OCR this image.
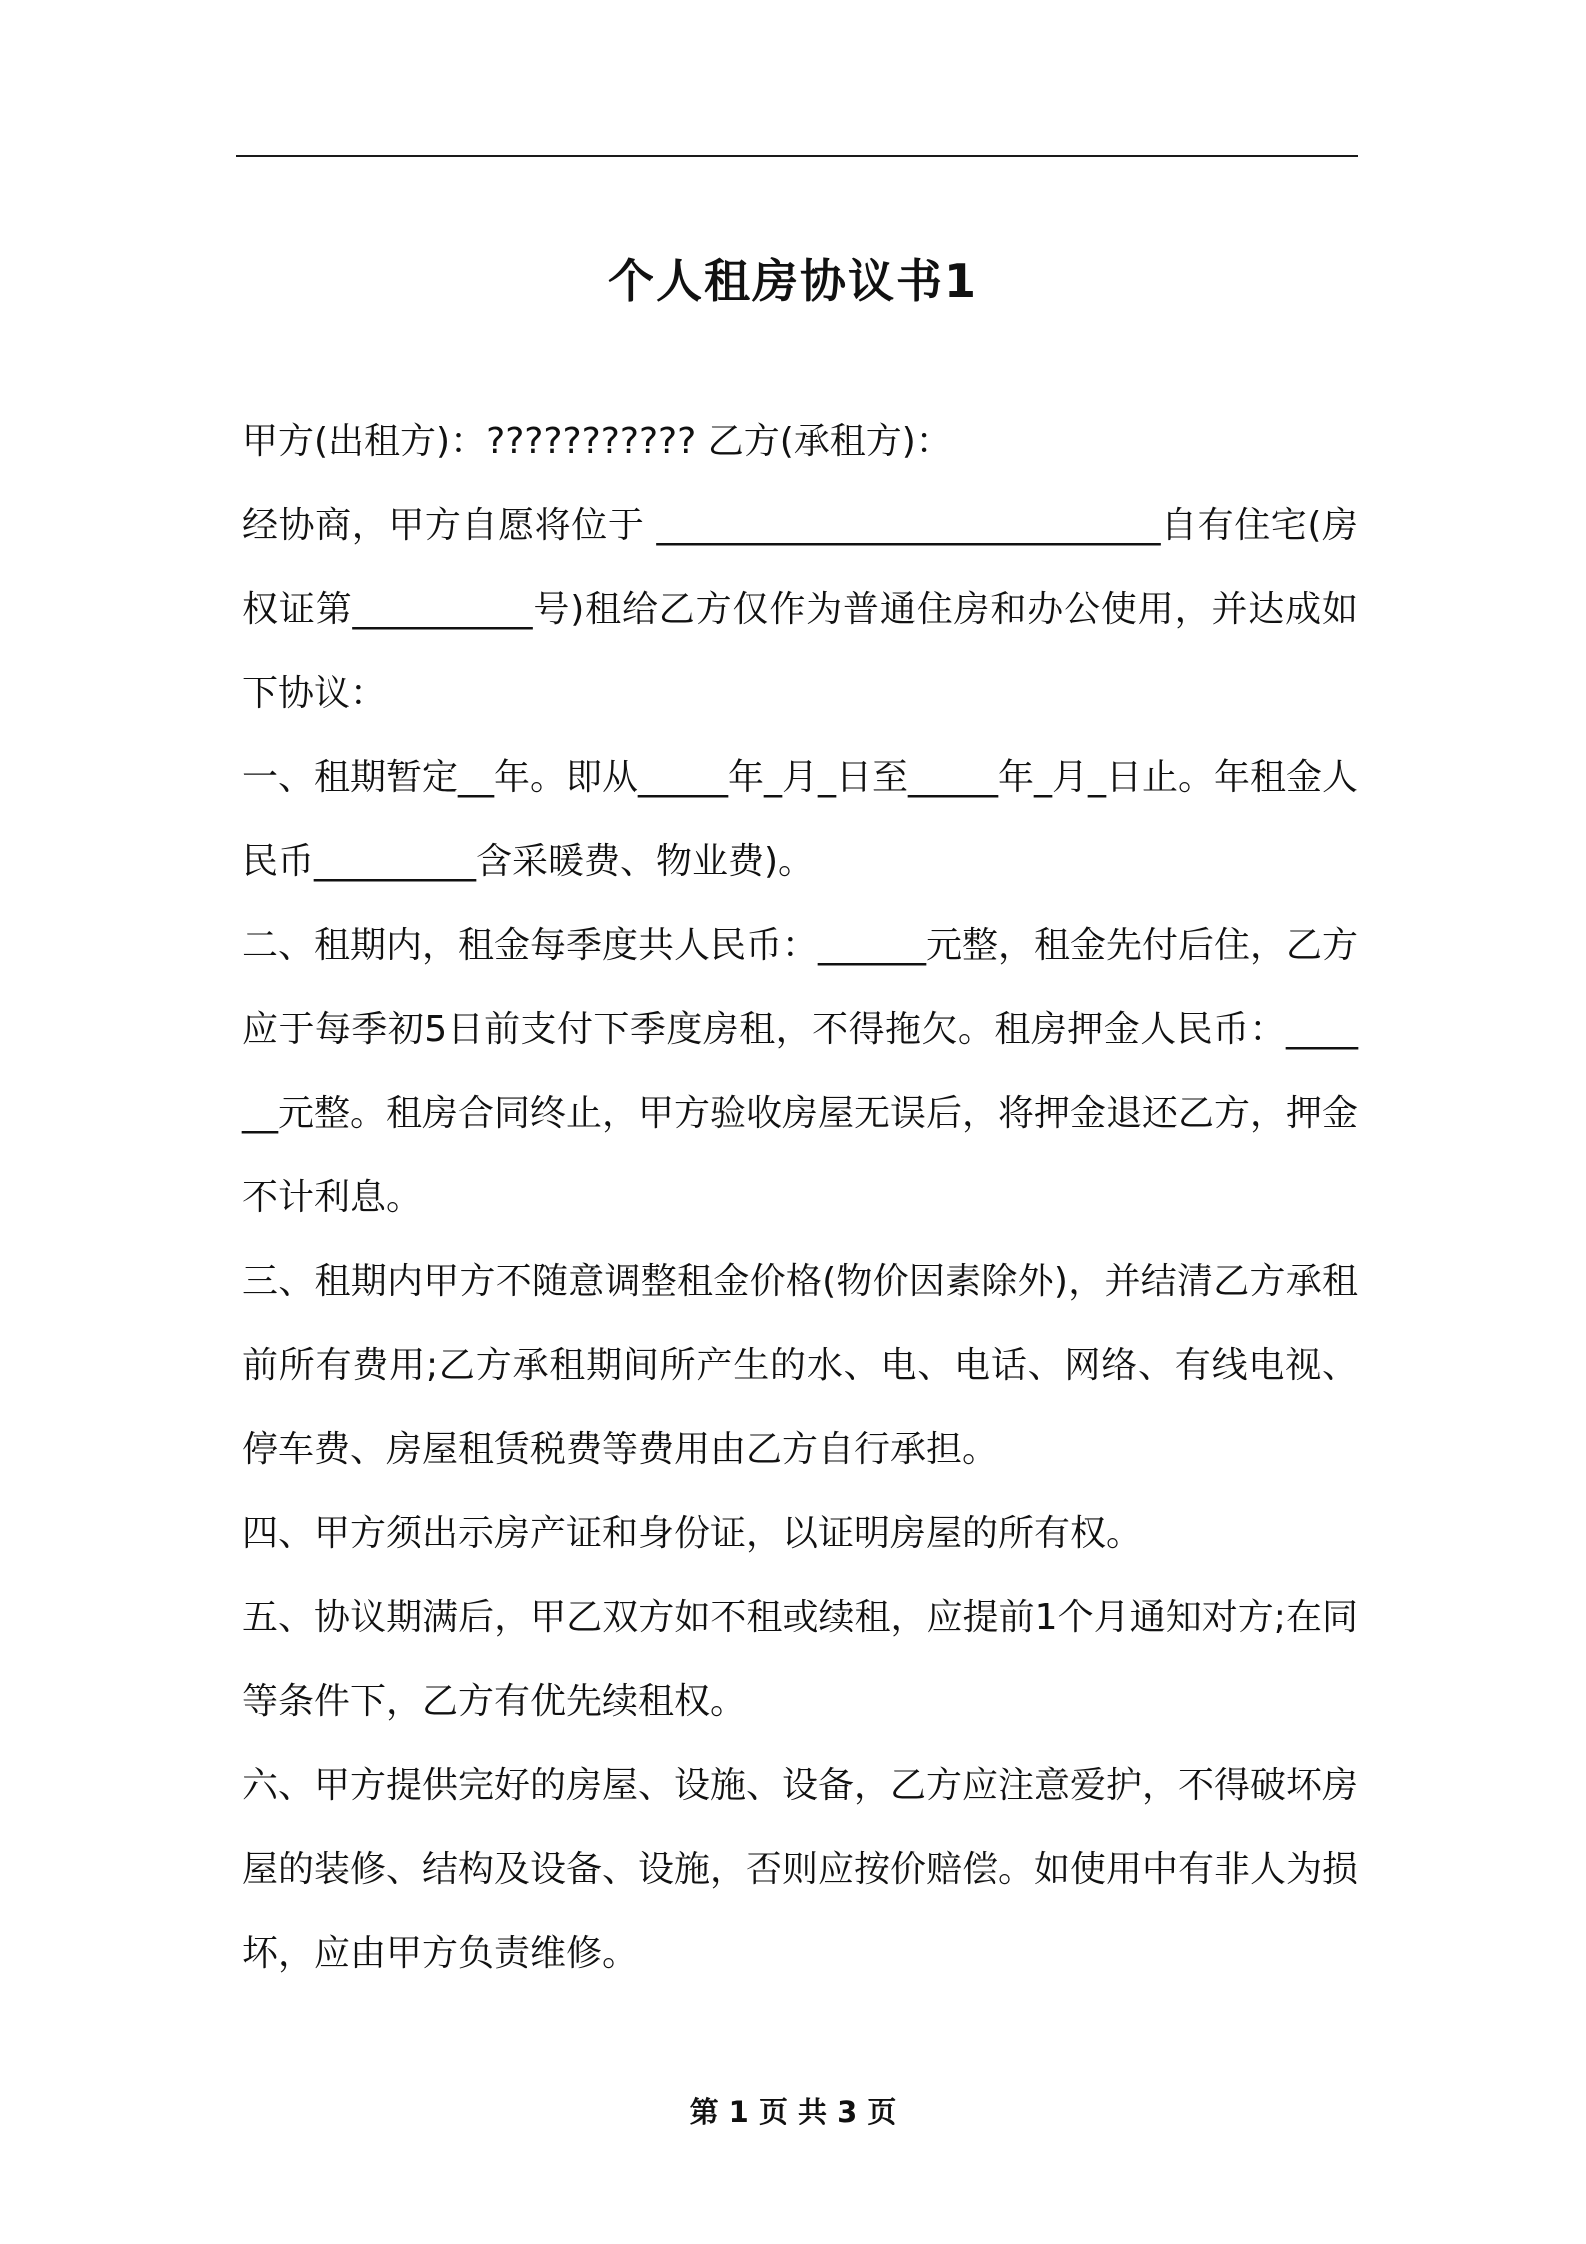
个人租房协议书1

甲方(出租方)：??????????? 乙方(承租方)：

经协商，甲方自愿将位于 ____________________________自有住宅(房权证第__________号)租给乙方仅作为普通住房和办公使用，并达成如下协议：

一、租期暂定__年。即从_____年_月_日至_____年_月_日止。年租金人民币_________含采暖费、物业费)。

二、租期内，租金每季度共人民币：______元整，租金先付后住，乙方应于每季初5日前支付下季度房租，不得拖欠。租房押金人民币：______元整。租房合同终止，甲方验收房屋无误后，将押金退还乙方，押金不计利息。

三、租期内甲方不随意调整租金价格(物价因素除外)，并结清乙方承租前所有费用;乙方承租期间所产生的水、电、电话、网络、有线电视、停车费、房屋租赁税费等费用由乙方自行承担。

四、甲方须出示房产证和身份证，以证明房屋的所有权。

五、协议期满后，甲乙双方如不租或续租，应提前1个月通知对方;在同等条件下，乙方有优先续租权。

六、甲方提供完好的房屋、设施、设备，乙方应注意爱护，不得破坏房屋的装修、结构及设备、设施，否则应按价赔偿。如使用中有非人为损坏，应由甲方负责维修。

第 1 页 共 3 页
